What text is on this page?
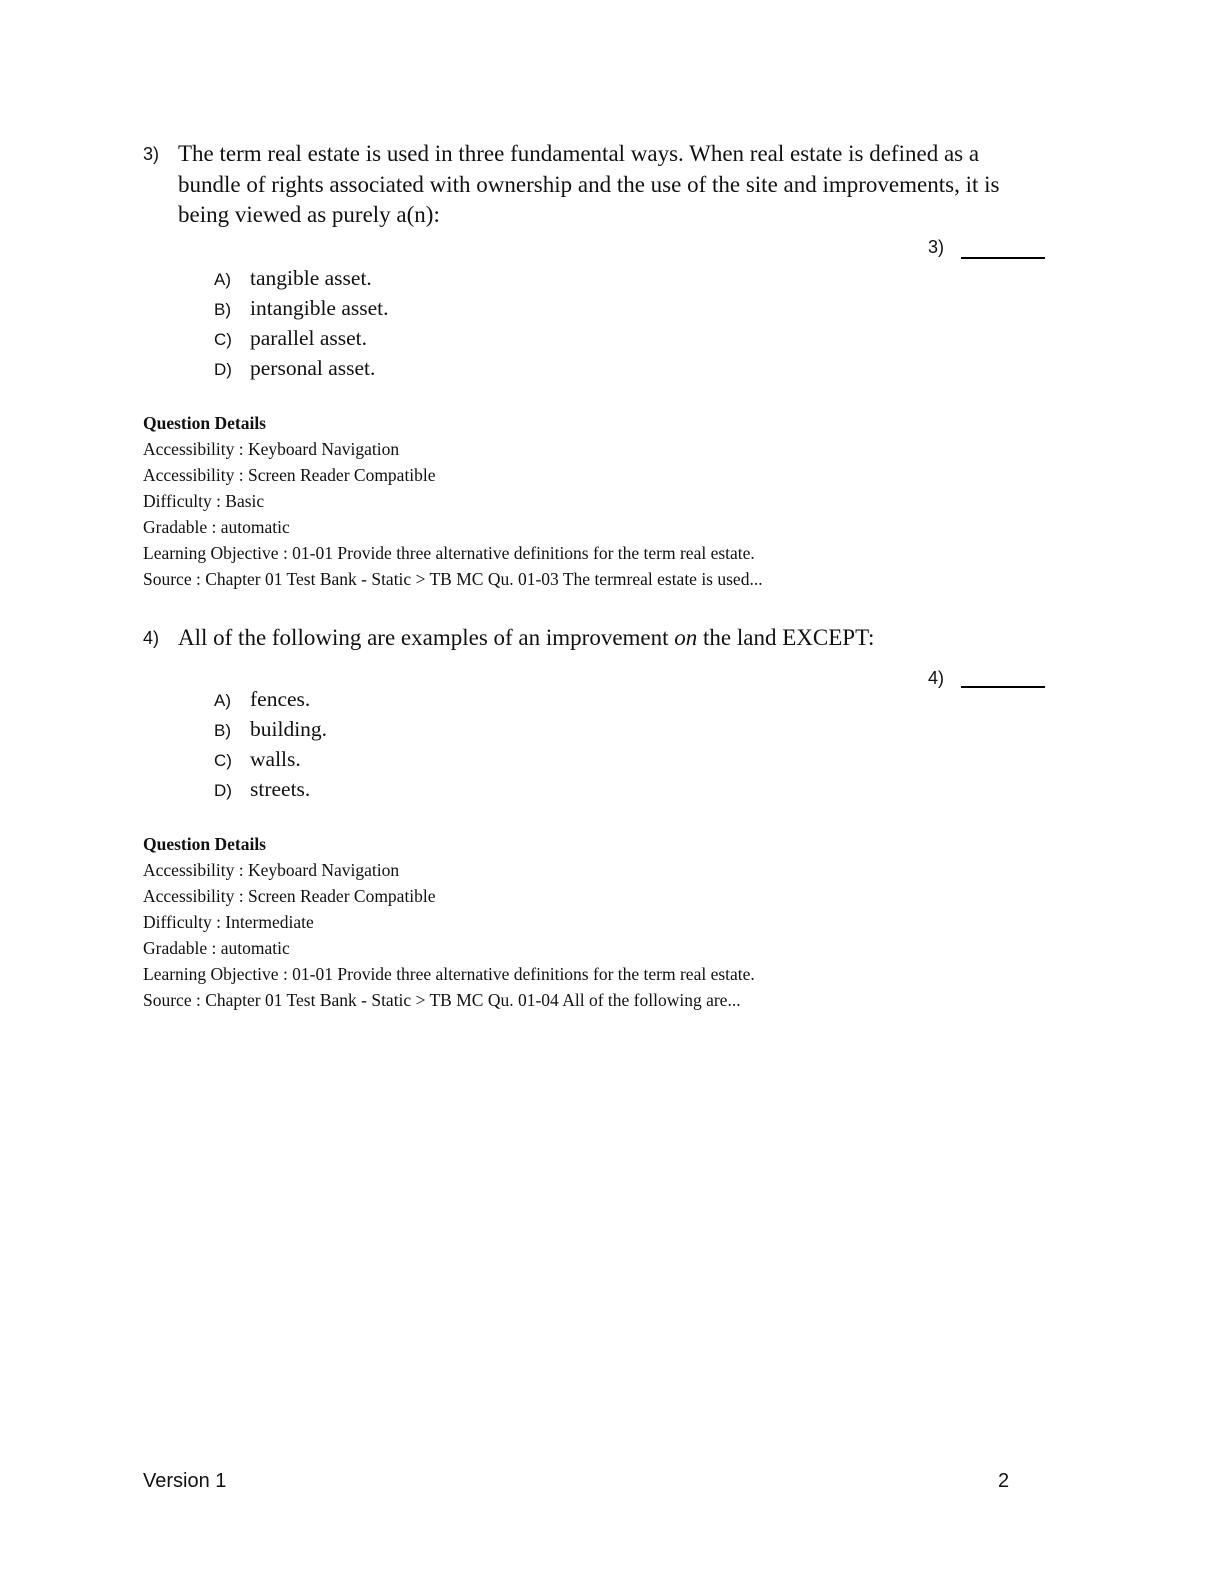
3) The term real estate is used in three fundamental ways. When real estate is defined as a bundle of rights associated with ownership and the use of the site and improvements, it is being viewed as purely a(n):
3)
A) tangible asset.
B) intangible asset.
C) parallel asset.
D) personal asset.
Question Details
Accessibility : Keyboard Navigation
Accessibility : Screen Reader Compatible
Difficulty : Basic
Gradable : automatic
Learning Objective : 01-01 Provide three alternative definitions for the term real estate.
Source : Chapter 01 Test Bank - Static > TB MC Qu. 01-03 The termreal estate is used...
4) All of the following are examples of an improvement on the land EXCEPT:
4)
A) fences.
B) building.
C) walls.
D) streets.
Question Details
Accessibility : Keyboard Navigation
Accessibility : Screen Reader Compatible
Difficulty : Intermediate
Gradable : automatic
Learning Objective : 01-01 Provide three alternative definitions for the term real estate.
Source : Chapter 01 Test Bank - Static > TB MC Qu. 01-04 All of the following are...
Version 1	2
